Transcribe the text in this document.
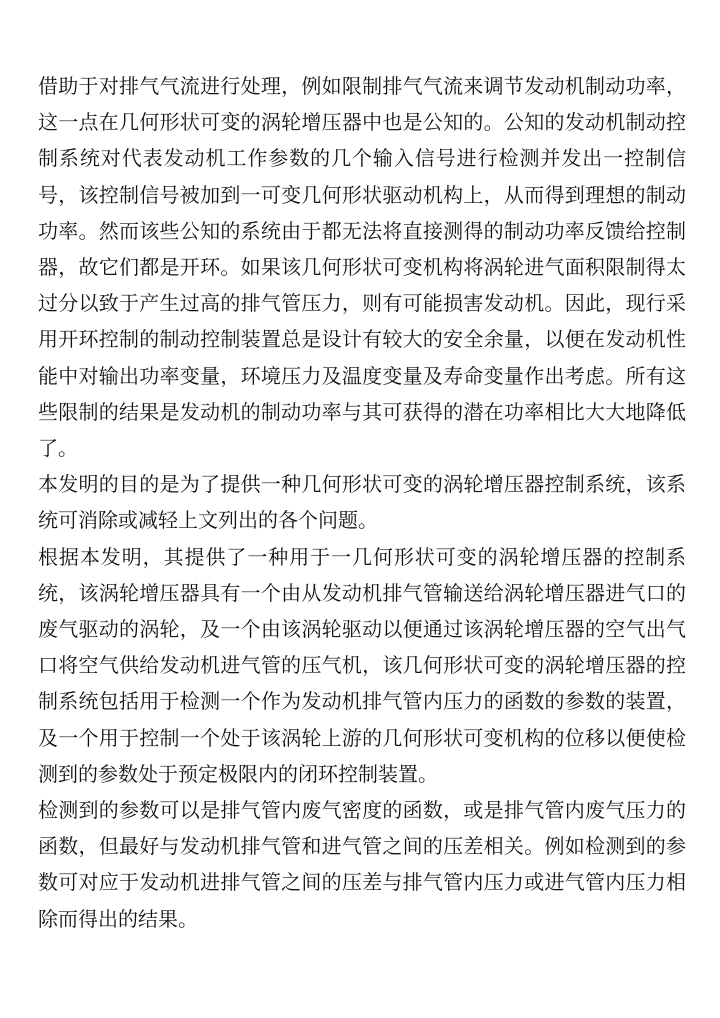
借助于对排气气流进行处理，例如限制排气气流来调节发动机制动功率，这一点在几何形状可变的涡轮增压器中也是公知的。公知的发动机制动控制系统对代表发动机工作参数的几个输入信号进行检测并发出一控制信号，该控制信号被加到一可变几何形状驱动机构上，从而得到理想的制动功率。然而该些公知的系统由于都无法将直接测得的制动功率反馈给控制器，故它们都是开环。如果该几何形状可变机构将涡轮进气面积限制得太过分以致于产生过高的排气管压力，则有可能损害发动机。因此，现行采用开环控制的制动控制装置总是设计有较大的安全余量，以便在发动机性能中对输出功率变量，环境压力及温度变量及寿命变量作出考虑。所有这些限制的结果是发动机的制动功率与其可获得的潜在功率相比大大地降低了。

本发明的目的是为了提供一种几何形状可变的涡轮增压器控制系统，该系统可消除或减轻上文列出的各个问题。

根据本发明，其提供了一种用于一几何形状可变的涡轮增压器的控制系统，该涡轮增压器具有一个由从发动机排气管输送给涡轮增压器进气口的废气驱动的涡轮，及一个由该涡轮驱动以便通过该涡轮增压器的空气出气口将空气供给发动机进气管的压气机，该几何形状可变的涡轮增压器的控制系统包括用于检测一个作为发动机排气管内压力的函数的参数的装置，及一个用于控制一个处于该涡轮上游的几何形状可变机构的位移以便使检测到的参数处于预定极限内的闭环控制装置。

检测到的参数可以是排气管内废气密度的函数，或是排气管内废气压力的函数，但最好与发动机排气管和进气管之间的压差相关。例如检测到的参数可对应于发动机进排气管之间的压差与排气管内压力或进气管内压力相除而得出的结果。
